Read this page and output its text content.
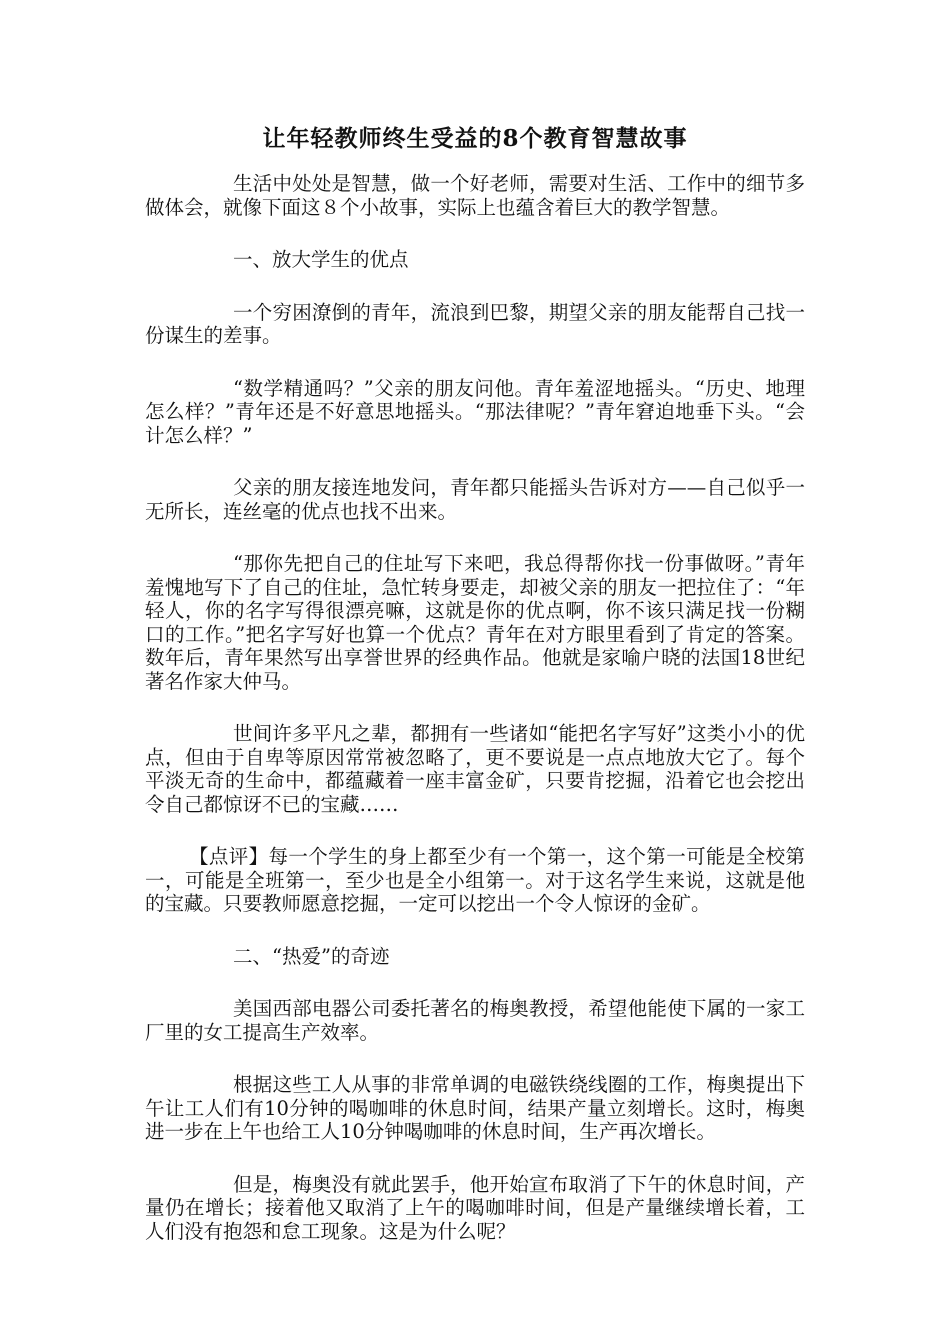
让年轻教师终生受益的8个教育智慧故事

生活中处处是智慧，做一个好老师，需要对生活、工作中的细节多做体会，就像下面这８个小故事，实际上也蕴含着巨大的教学智慧。

一、放大学生的优点

一个穷困潦倒的青年，流浪到巴黎，期望父亲的朋友能帮自己找一份谋生的差事。

“数学精通吗？”父亲的朋友问他。青年羞涩地摇头。“历史、地理怎么样？”青年还是不好意思地摇头。“那法律呢？”青年窘迫地垂下头。“会计怎么样？”

父亲的朋友接连地发问，青年都只能摇头告诉对方——自己似乎一无所长，连丝毫的优点也找不出来。

“那你先把自己的住址写下来吧，我总得帮你找一份事做呀。”青年羞愧地写下了自己的住址，急忙转身要走，却被父亲的朋友一把拉住了：“年轻人，你的名字写得很漂亮嘛，这就是你的优点啊，你不该只满足找一份糊口的工作。”把名字写好也算一个优点？青年在对方眼里看到了肯定的答案。数年后，青年果然写出享誉世界的经典作品。他就是家喻户晓的法国18世纪著名作家大仲马。

世间许多平凡之辈，都拥有一些诸如“能把名字写好”这类小小的优点，但由于自卑等原因常常被忽略了，更不要说是一点点地放大它了。每个平淡无奇的生命中，都蕴藏着一座丰富金矿，只要肯挖掘，沿着它也会挖出令自己都惊讶不已的宝藏……

【点评】每一个学生的身上都至少有一个第一，这个第一可能是全校第一，可能是全班第一，至少也是全小组第一。对于这名学生来说，这就是他的宝藏。只要教师愿意挖掘，一定可以挖出一个令人惊讶的金矿。

二、“热爱”的奇迹

美国西部电器公司委托著名的梅奥教授，希望他能使下属的一家工厂里的女工提高生产效率。

根据这些工人从事的非常单调的电磁铁绕线圈的工作，梅奥提出下午让工人们有10分钟的喝咖啡的休息时间，结果产量立刻增长。这时，梅奥进一步在上午也给工人10分钟喝咖啡的休息时间，生产再次增长。

但是，梅奥没有就此罢手，他开始宣布取消了下午的休息时间，产量仍在增长；接着他又取消了上午的喝咖啡时间，但是产量继续增长着，工人们没有抱怨和怠工现象。这是为什么呢？
